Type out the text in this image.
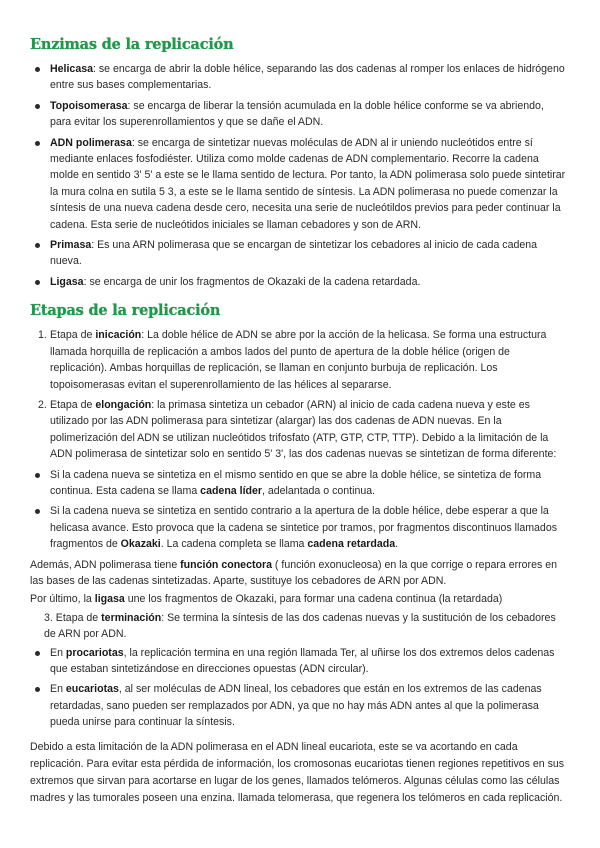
Enzimas de la replicación
Helicasa: se encarga de abrir la doble hélice, separando las dos cadenas al romper los enlaces de hidrógeno entre sus bases complementarias.
Topoisomerasa: se encarga de liberar la tensión acumulada en la doble hélice conforme se va abriendo, para evitar los superenrollamientos y que se dañe el ADN.
ADN polimerasa: se encarga de sintetizar nuevas moléculas de ADN al ir uniendo nucleótidos entre sí mediante enlaces fosfodiéster. Utiliza como molde cadenas de ADN complementario. Recorre la cadena molde en sentido 3' 5' a este se le llama sentido de lectura. Por tanto, la ADN polimerasa solo puede sintetirar la mura colna en sutila 5 3, a este se le llama sentido de síntesis. La ADN polimerasa no puede comenzar la síntesis de una nueva cadena desde cero, necesita una serie de nucleótildos previos para peder continuar la cadena. Esta serie de nucleótidos iniciales se llaman cebadores y son de ARN.
Primasa: Es una ARN polimerasa que se encargan de sintetizar los cebadores al inicio de cada cadena nueva.
Ligasa: se encarga de unir los fragmentos de Okazaki de la cadena retardada.
Etapas de la replicación
1. Etapa de inicación: La doble hélice de ADN se abre por la acción de la helicasa. Se forma una estructura llamada horquilla de replicación a ambos lados del punto de apertura de la doble hélice (origen de replicación). Ambas horquillas de replicación, se llaman en conjunto burbuja de replicación. Los topoisomerasas evitan el superenrollamiento de las hélices al separarse.
2. Etapa de elongación: la primasa sintetiza un cebador (ARN) al inicio de cada cadena nueva y este es utilizado por las ADN polimerasa para sintetizar (alargar) las dos cadenas de ADN nuevas. En la polimerización del ADN se utilizan nucleótidos trifosfato (ATP, GTP, CTP, TTP). Debido a la limitación de la ADN polimerasa de sintetizar solo en sentido 5' 3', las dos cadenas nuevas se sintetizan de forma diferente:
Si la cadena nueva se sintetiza en el mismo sentido en que se abre la doble hélice, se sintetiza de forma continua. Esta cadena se llama cadena líder, adelantada o continua.
Si la cadena nueva se sintetiza en sentido contrario a la apertura de la doble hélice, debe esperar a que la helicasa avance. Esto provoca que la cadena se sintetice por tramos, por fragmentos discontinuos llamados fragmentos de Okazaki. La cadena completa se llama cadena retardada.

Además, ADN polimerasa tiene función conectora ( función exonucleosa) en la que corrige o repara errores en las bases de las cadenas sintetizadas. Aparte, sustituye los cebadores de ARN por ADN.

Por último, la ligasa une los fragmentos de Okazaki, para formar una cadena continua (la retardada)

3. Etapa de terminación: Se termina la síntesis de las dos cadenas nuevas y la sustitución de los cebadores de ARN por ADN.

En procariotas, la replicación termina en una región llamada Ter, al uñirse los dos extremos delos cadenas que estaban sintetizándose en direcciones opuestas (ADN circular).
En eucariotas, al ser moléculas de ADN lineal, los cebadores que están en los extremos de las cadenas retardadas, sano pueden ser remplazados por ADN, ya que no hay más ADN antes al que la polimerasa pueda unirse para continuar la síntesis.

Debido a esta limitación de la ADN polimerasa en el ADN lineal eucariota, este se va acortando en cada replicación. Para evitar esta pérdida de información, los cromosonas eucariotas tienen regiones repetitivos en sus extremos que sirvan para acortarse en lugar de los genes, llamados telómeros. Algunas células como las células madres y las tumorales poseen una enzina. llamada telomerasa, que regenera los telómeros en cada replicación.
